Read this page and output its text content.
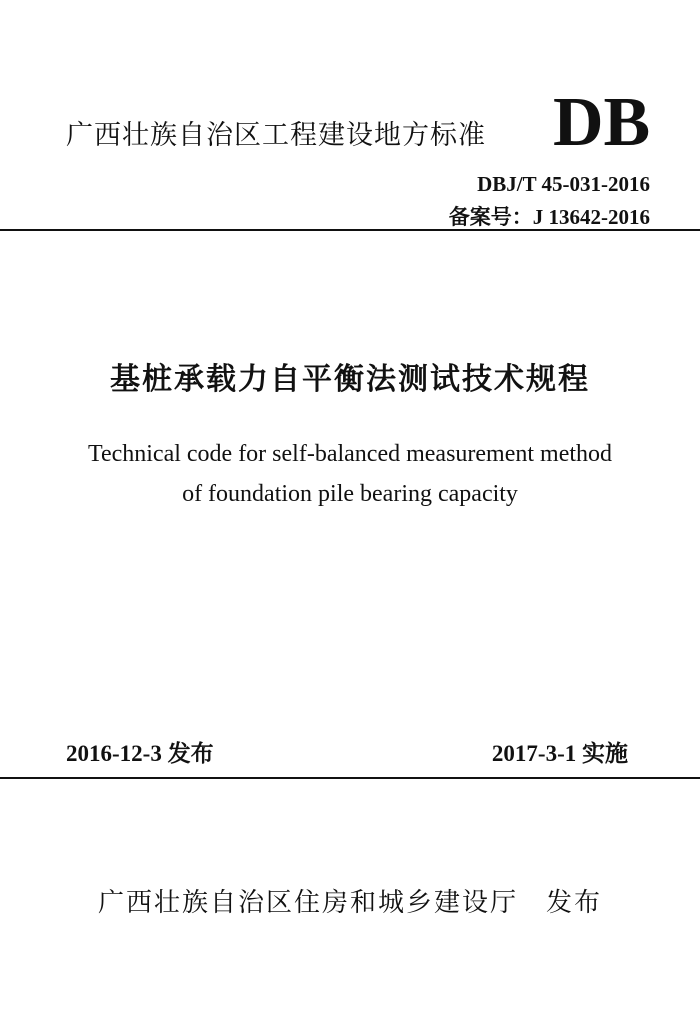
广西壮族自治区工程建设地方标准 DB
DBJ/T 45-031-2016
备案号：J 13642-2016
基桩承载力自平衡法测试技术规程
Technical code for self-balanced measurement method
of foundation pile bearing capacity
2016-12-3 发布	2017-3-1 实施
广西壮族自治区住房和城乡建设厅 发布
